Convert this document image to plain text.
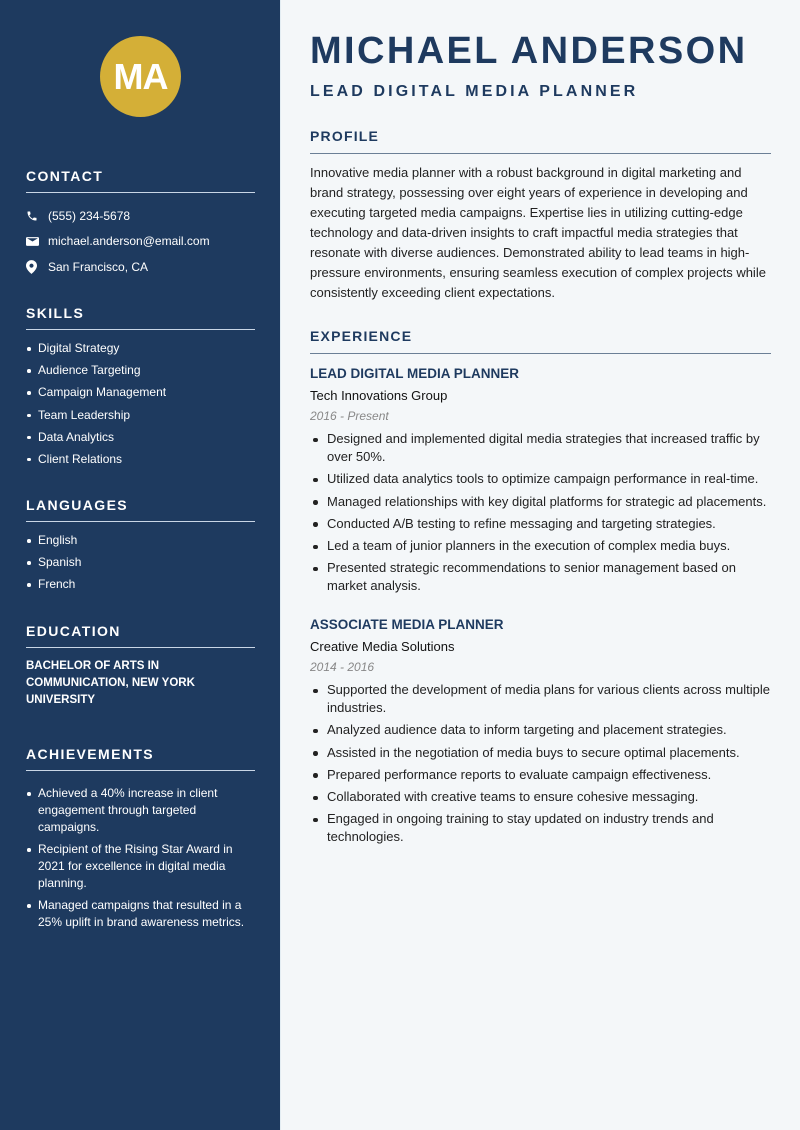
MA
CONTACT
(555) 234-5678
michael.anderson@email.com
San Francisco, CA
SKILLS
Digital Strategy
Audience Targeting
Campaign Management
Team Leadership
Data Analytics
Client Relations
LANGUAGES
English
Spanish
French
EDUCATION
BACHELOR OF ARTS IN COMMUNICATION, NEW YORK UNIVERSITY
ACHIEVEMENTS
Achieved a 40% increase in client engagement through targeted campaigns.
Recipient of the Rising Star Award in 2021 for excellence in digital media planning.
Managed campaigns that resulted in a 25% uplift in brand awareness metrics.
MICHAEL ANDERSON
LEAD DIGITAL MEDIA PLANNER
PROFILE

Innovative media planner with a robust background in digital marketing and brand strategy, possessing over eight years of experience in developing and executing targeted media campaigns. Expertise lies in utilizing cutting-edge technology and data-driven insights to craft impactful media strategies that resonate with diverse audiences. Demonstrated ability to lead teams in high-pressure environments, ensuring seamless execution of complex projects while consistently exceeding client expectations.

EXPERIENCE
LEAD DIGITAL MEDIA PLANNER
Tech Innovations Group
2016 - Present
Designed and implemented digital media strategies that increased traffic by over 50%.
Utilized data analytics tools to optimize campaign performance in real-time.
Managed relationships with key digital platforms for strategic ad placements.
Conducted A/B testing to refine messaging and targeting strategies.
Led a team of junior planners in the execution of complex media buys.
Presented strategic recommendations to senior management based on market analysis.
ASSOCIATE MEDIA PLANNER
Creative Media Solutions
2014 - 2016
Supported the development of media plans for various clients across multiple industries.
Analyzed audience data to inform targeting and placement strategies.
Assisted in the negotiation of media buys to secure optimal placements.
Prepared performance reports to evaluate campaign effectiveness.
Collaborated with creative teams to ensure cohesive messaging.
Engaged in ongoing training to stay updated on industry trends and technologies.
